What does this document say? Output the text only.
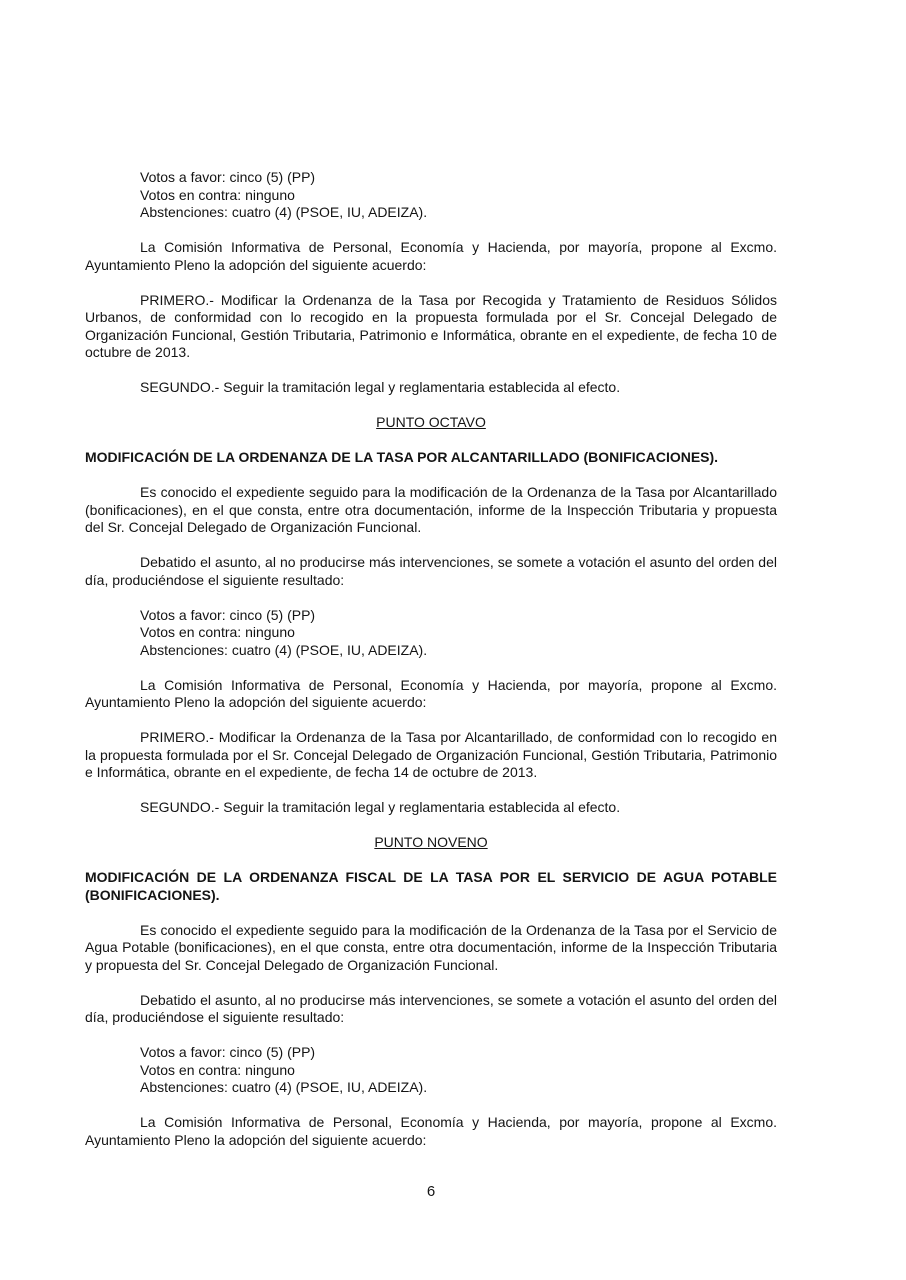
Votos a favor: cinco (5) (PP)
Votos en contra: ninguno
Abstenciones: cuatro (4) (PSOE, IU, ADEIZA).

La Comisión Informativa de Personal, Economía y Hacienda, por mayoría, propone al Excmo. Ayuntamiento Pleno la adopción del siguiente acuerdo:

PRIMERO.- Modificar la Ordenanza de la Tasa por Recogida y Tratamiento de Residuos Sólidos Urbanos, de conformidad con lo recogido en la propuesta formulada por el Sr. Concejal Delegado de Organización Funcional, Gestión Tributaria, Patrimonio e Informática, obrante en el expediente, de fecha 10 de octubre de 2013.

SEGUNDO.- Seguir la tramitación legal y reglamentaria establecida al efecto.

PUNTO OCTAVO

MODIFICACIÓN DE LA ORDENANZA DE LA TASA POR ALCANTARILLADO (BONIFICACIONES).

Es conocido el expediente seguido para la modificación de la Ordenanza de la Tasa por Alcantarillado (bonificaciones), en el que consta, entre otra documentación, informe de la Inspección Tributaria y propuesta del Sr. Concejal Delegado de Organización Funcional.

Debatido el asunto, al no producirse más intervenciones, se somete a votación el asunto del orden del día, produciéndose el siguiente resultado:

Votos a favor: cinco (5) (PP)
Votos en contra: ninguno
Abstenciones: cuatro (4) (PSOE, IU, ADEIZA).

La Comisión Informativa de Personal, Economía y Hacienda, por mayoría, propone al Excmo. Ayuntamiento Pleno la adopción del siguiente acuerdo:

PRIMERO.- Modificar la Ordenanza de la Tasa por Alcantarillado, de conformidad con lo recogido en la propuesta formulada por el Sr. Concejal Delegado de Organización Funcional, Gestión Tributaria, Patrimonio e Informática, obrante en el expediente, de fecha 14 de octubre de 2013.

SEGUNDO.- Seguir la tramitación legal y reglamentaria establecida al efecto.

PUNTO NOVENO

MODIFICACIÓN DE LA ORDENANZA FISCAL DE LA TASA POR EL SERVICIO DE AGUA POTABLE (BONIFICACIONES).

Es conocido el expediente seguido para la modificación de la Ordenanza de la Tasa por el Servicio de Agua Potable (bonificaciones), en el que consta, entre otra documentación, informe de la Inspección Tributaria y propuesta del Sr. Concejal Delegado de Organización Funcional.

Debatido el asunto, al no producirse más intervenciones, se somete a votación el asunto del orden del día, produciéndose el siguiente resultado:

Votos a favor: cinco (5) (PP)
Votos en contra: ninguno
Abstenciones: cuatro (4) (PSOE, IU, ADEIZA).

La Comisión Informativa de Personal, Economía y Hacienda, por mayoría, propone al Excmo. Ayuntamiento Pleno la adopción del siguiente acuerdo:

6
